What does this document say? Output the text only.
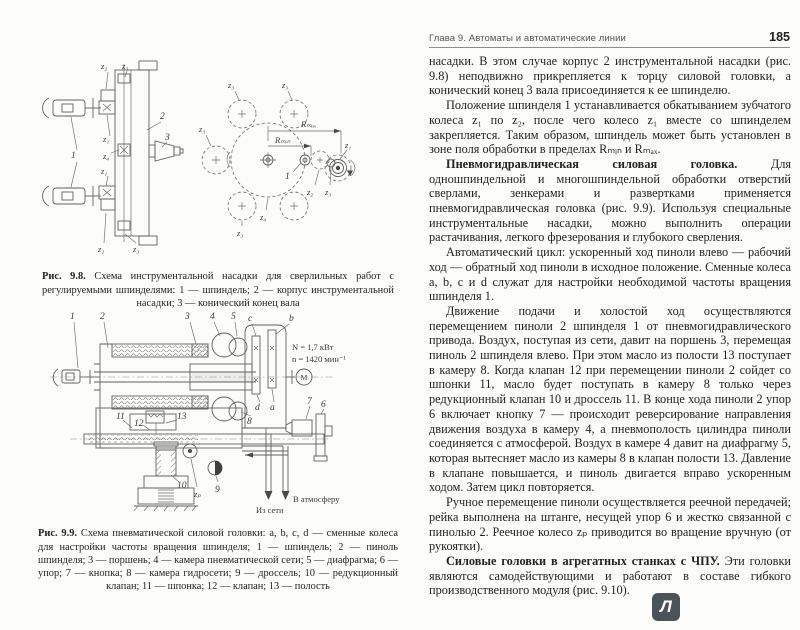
Глава 9. Автоматы и автоматические линии	185
1
2
3
z₂ z₃
z₁
z₄
z₁
z₂	z₃
z₃	z₃
z₃
z₃
z₄
1
z₂ z₃
z₁
Rₘₐₓ
Rₘᵢₙ

Рис. 9.8. Схема инструментальной насадки для сверлильных работ с регулируемыми шпинделями: 1 — шпиндель; 2 — корпус инструментальной насадки; 3 — конический конец вала

М
1	2	3 4 5 c	b
d a
8
7 6
11
12
13
10
zₚ 9
N = 1,7 кВт
n = 1420 мин⁻¹
В атмосферу
Из сети

Рис. 9.9. Схема пневматической силовой головки: a, b, c, d — сменные колеса для настройки частоты вращения шпинделя; 1 — шпиндель; 2 — пиноль шпинделя; 3 — поршень; 4 — камера пневматической сети; 5 — диафрагма; 6 — упор; 7 — кнопка; 8 — камера гидросети; 9 — дроссель; 10 — редукционный клапан; 11 — шпонка; 12 — клапан; 13 — полость

насадки. В этом случае корпус 2 инструментальной насадки (рис. 9.8) неподвижно прикрепляется к торцу силовой головки, а конический конец 3 вала присоединяется к ее шпинделю.

Положение шпинделя 1 устанавливается обкатыванием зубчатого колеса z₁ по z₂, после чего колесо z₁ вместе со шпинделем закрепляется. Таким образом, шпиндель может быть установлен в зоне поля обработки в пределах Rₘᵢₙ и Rₘₐₓ.

Пневмогидравлическая силовая головка. Для одношпиндельной и многошпиндельной обработки отверстий сверлами, зенкерами и развертками применяется пневмогидравлическая головка (рис. 9.9). Используя специальные инструментальные насадки, можно выполнить операции растачивания, легкого фрезерования и глубокого сверления.

Автоматический цикл: ускоренный ход пиноли влево — рабочий ход — обратный ход пиноли в исходное положение. Сменные колеса a, b, c и d служат для настройки необходимой частоты вращения шпинделя 1.

Движение подачи и холостой ход осуществляются перемещением пиноли 2 шпинделя 1 от пневмогидравлического привода. Воздух, поступая из сети, давит на поршень 3, перемещая пиноль 2 шпинделя влево. При этом масло из полости 13 поступает в камеру 8. Когда клапан 12 при перемещении пиноли 2 сойдет со шпонки 11, масло будет поступать в камеру 8 только через редукционный клапан 10 и дроссель 11. В конце хода пиноли 2 упор 6 включает кнопку 7 — происходит реверсирование направления движения воздуха в камеру 4, а пневмополость цилиндра пиноли соединяется с атмосферой. Воздух в камере 4 давит на диафрагму 5, которая вытесняет масло из камеры 8 в клапан полости 13. Давление в клапане повышается, и пиноль двигается вправо ускоренным ходом. Затем цикл повторяется.

Ручное перемещение пиноли осуществляется реечной передачей; рейка выполнена на штанге, несущей упор 6 и жестко связанной с пинолью 2. Реечное колесо zₚ приводится во вращение вручную (от рукоятки).

Силовые головки в агрегатных станках с ЧПУ. Эти головки являются самодействующими и работают в составе гибкого производственного модуля (рис. 9.10).

Л
